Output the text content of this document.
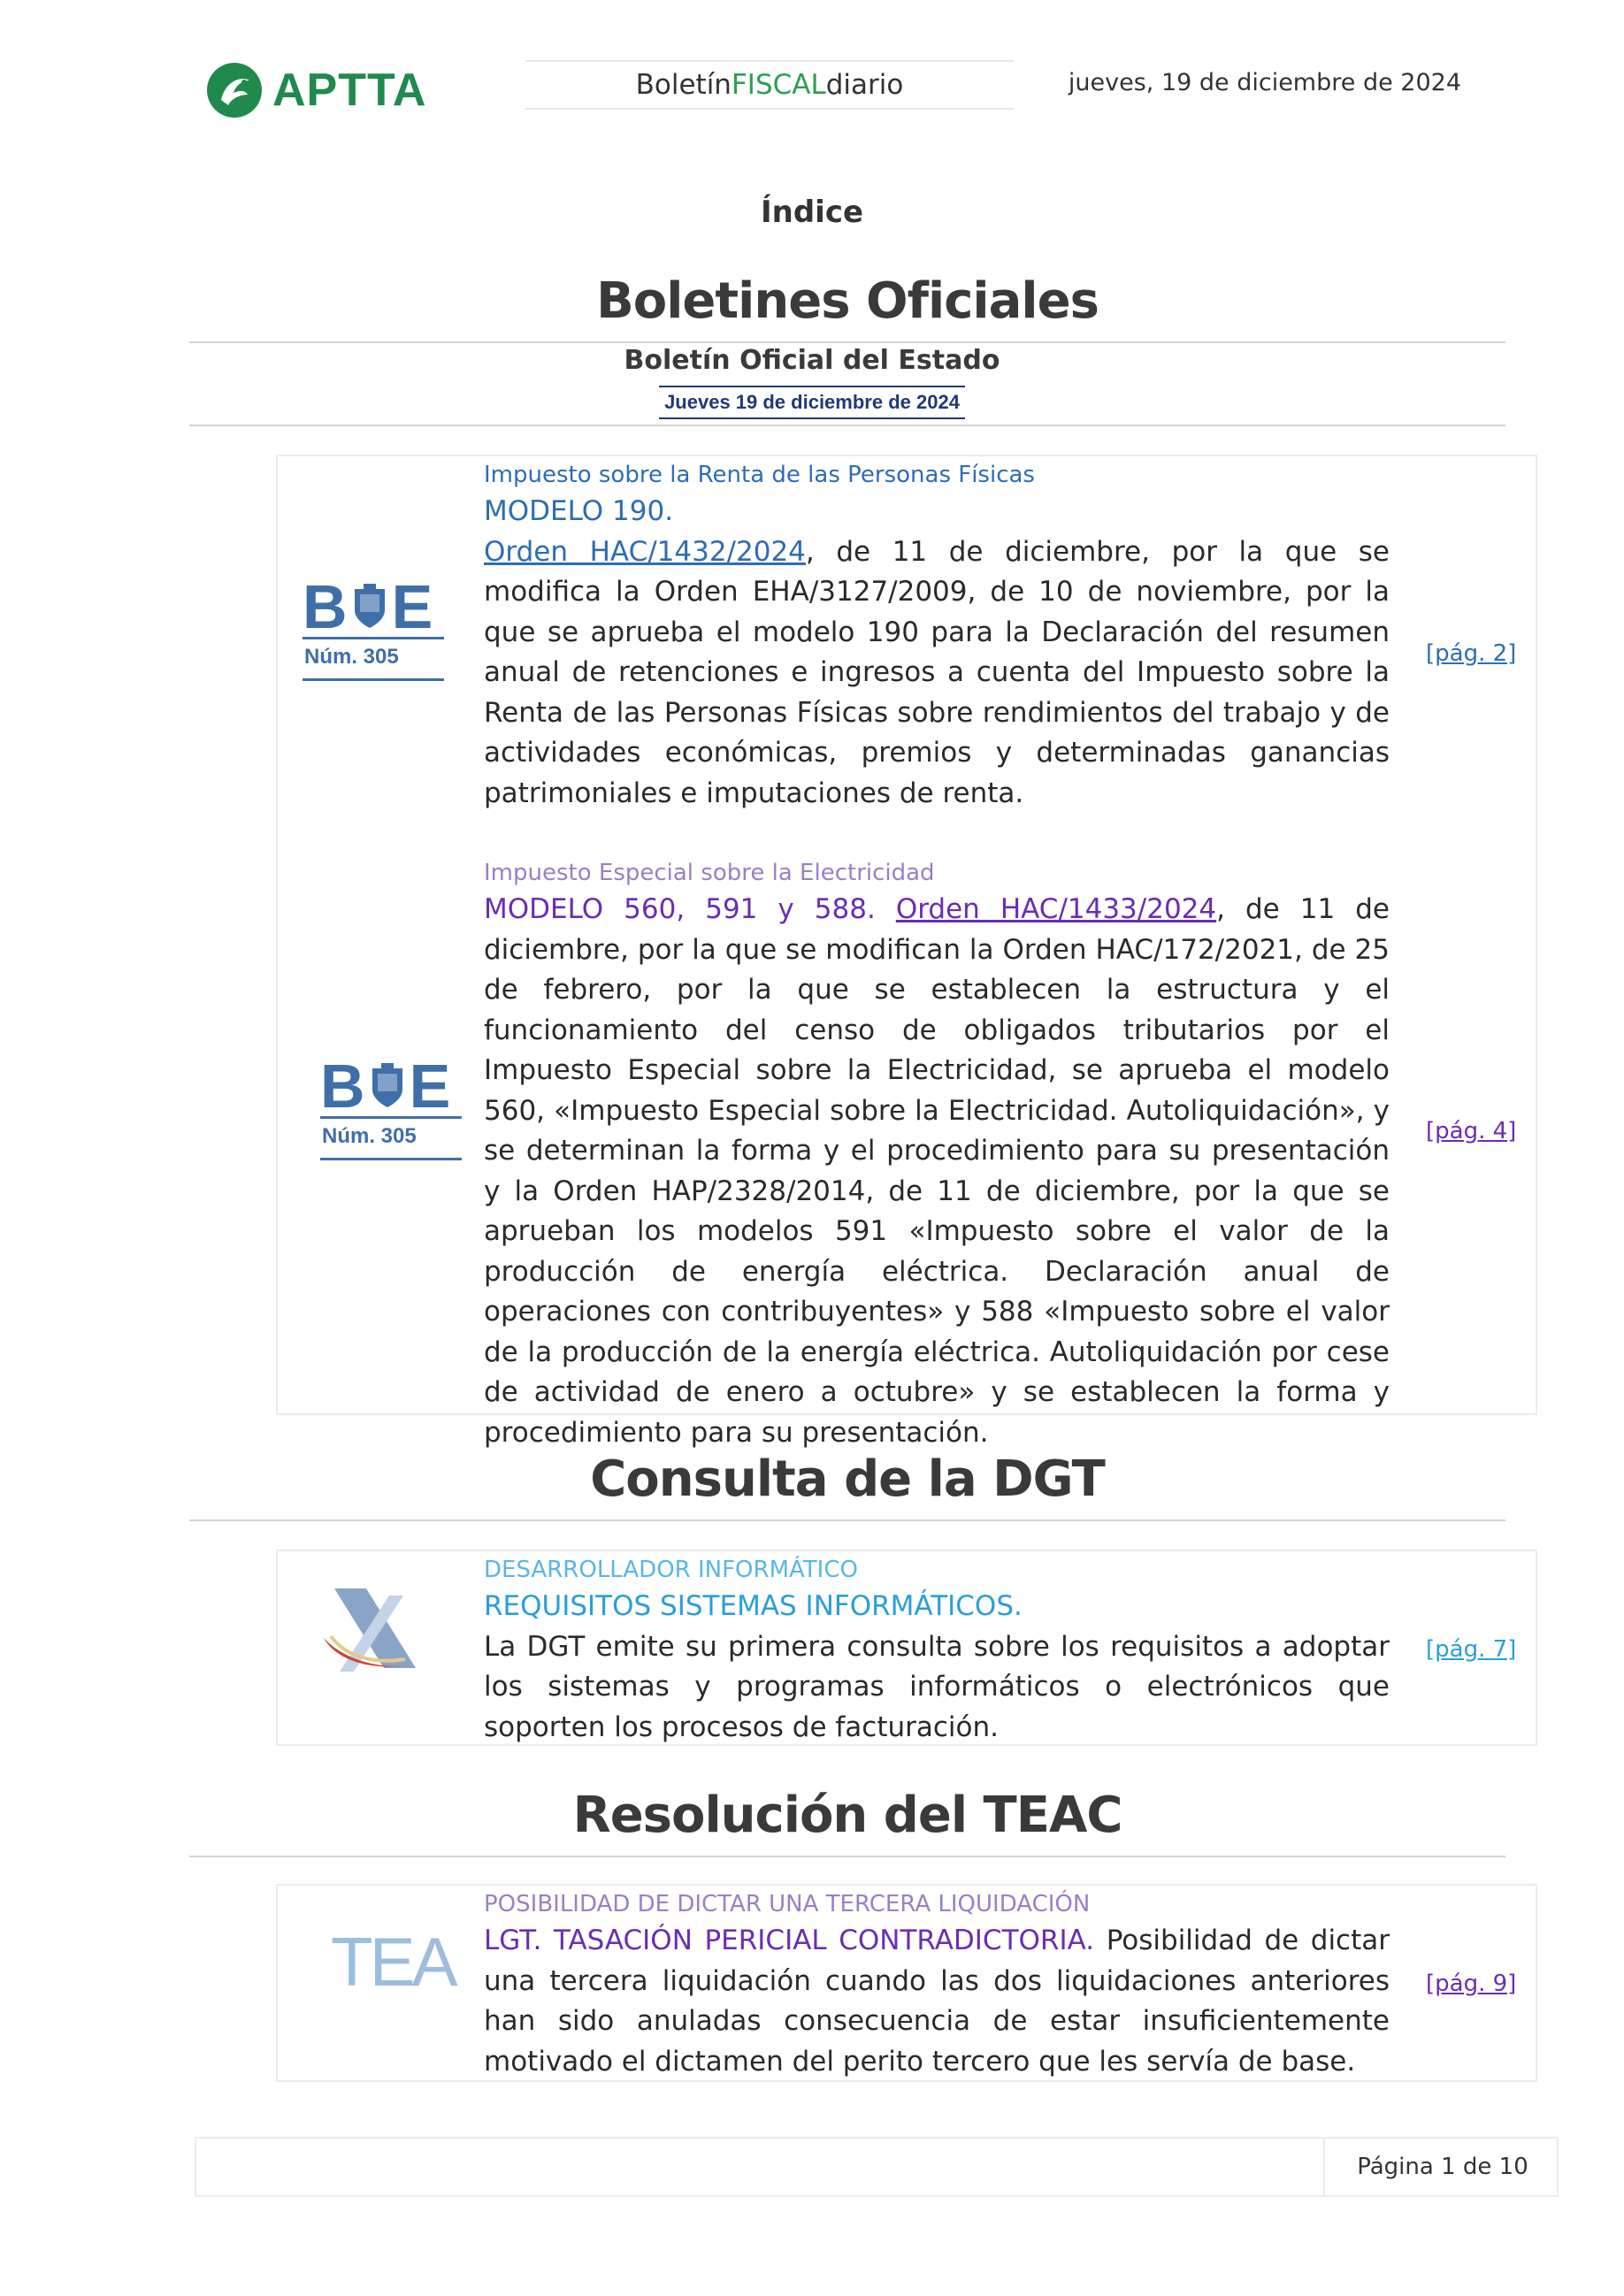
APTTA	Boletín FISCAL diario	jueves, 19 de diciembre de 2024
Índice
Boletines Oficiales
Boletín Oficial del Estado
Jueves 19 de diciembre de 2024
B E
Núm. 305
Impuesto sobre la Renta de las Personas Físicas
MODELO 190.
Orden HAC/1432/2024, de 11 de diciembre, por la que se modifica la Orden EHA/3127/2009, de 10 de noviembre, por la que se aprueba el modelo 190 para la Declaración del resumen anual de retenciones e ingresos a cuenta del Impuesto sobre la Renta de las Personas Físicas sobre rendimientos del trabajo y de actividades económicas, premios y determinadas ganancias patrimoniales e imputaciones de renta.
[pág. 2]
B E
Núm. 305
Impuesto Especial sobre la Electricidad
MODELO 560, 591 y 588. Orden HAC/1433/2024, de 11 de diciembre, por la que se modifican la Orden HAC/172/2021, de 25 de febrero, por la que se establecen la estructura y el funcionamiento del censo de obligados tributarios por el Impuesto Especial sobre la Electricidad, se aprueba el modelo 560, «Impuesto Especial sobre la Electricidad. Autoliquidación», y se determinan la forma y el procedimiento para su presentación y la Orden HAP/2328/2014, de 11 de diciembre, por la que se aprueban los modelos 591 «Impuesto sobre el valor de la producción de energía eléctrica. Declaración anual de operaciones con contribuyentes» y 588 «Impuesto sobre el valor de la producción de la energía eléctrica. Autoliquidación por cese de actividad de enero a octubre» y se establecen la forma y procedimiento para su presentación.
[pág. 4]
Consulta de la DGT
DESARROLLADOR INFORMÁTICO
REQUISITOS SISTEMAS INFORMÁTICOS.
La DGT emite su primera consulta sobre los requisitos a adoptar los sistemas y programas informáticos o electrónicos que soporten los procesos de facturación.
[pág. 7]
Resolución del TEAC
TEA
POSIBILIDAD DE DICTAR UNA TERCERA LIQUIDACIÓN
LGT. TASACIÓN PERICIAL CONTRADICTORIA. Posibilidad de dictar una tercera liquidación cuando las dos liquidaciones anteriores han sido anuladas consecuencia de estar insuficientemente motivado el dictamen del perito tercero que les servía de base.
[pág. 9]
Página 1 de 10
